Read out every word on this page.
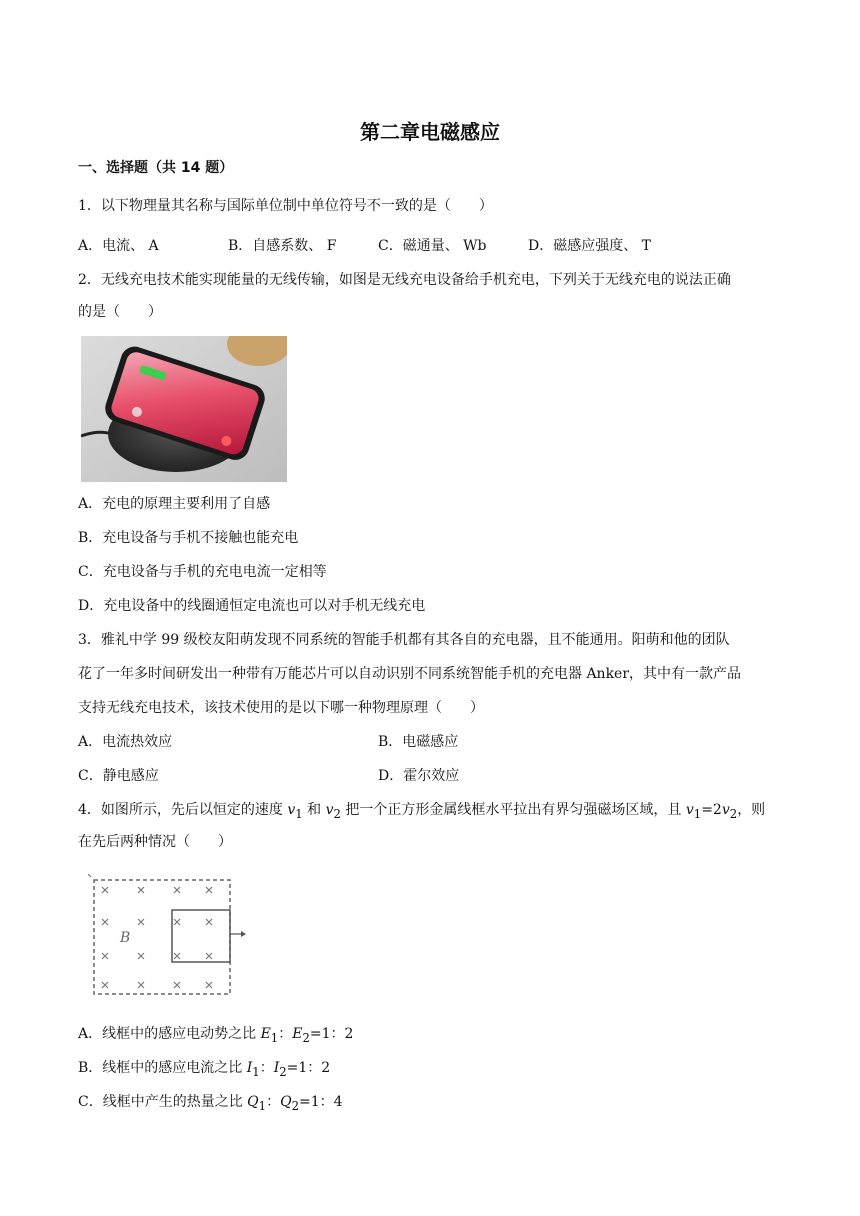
第二章电磁感应
一、选择题（共 14 题）
1．以下物理量其名称与国际单位制中单位符号不一致的是（　　）
A．电流、 A	B．自感系数、 F	C．磁通量、 Wb	D．磁感应强度、 T
2．无线充电技术能实现能量的无线传输，如图是无线充电设备给手机充电，下列关于无线充电的说法正确
的是（　　）
A．充电的原理主要利用了自感
B．充电设备与手机不接触也能充电
C．充电设备与手机的充电电流一定相等
D．充电设备中的线圈通恒定电流也可以对手机无线充电
3．雅礼中学 99 级校友阳萌发现不同系统的智能手机都有其各自的充电器，且不能通用。阳萌和他的团队
花了一年多时间研发出一种带有万能芯片可以自动识别不同系统智能手机的充电器 Anker，其中有一款产品
支持无线充电技术，该技术使用的是以下哪一种物理原理（　　）
A．电流热效应	B．电磁感应
C．静电感应	D．霍尔效应
4．如图所示，先后以恒定的速度 $v_1$ 和 $v_2$ 把一个正方形金属线框水平拉出有界匀强磁场区域，且 $v_1=2v_2$，则
在先后两种情况（　　）
B
A．线框中的感应电动势之比 $E_1$：$E_2=1$：2
B．线框中的感应电流之比 $I_1$：$I_2=1$：2
C．线框中产生的热量之比 $Q_1$：$Q_2=1$：4
